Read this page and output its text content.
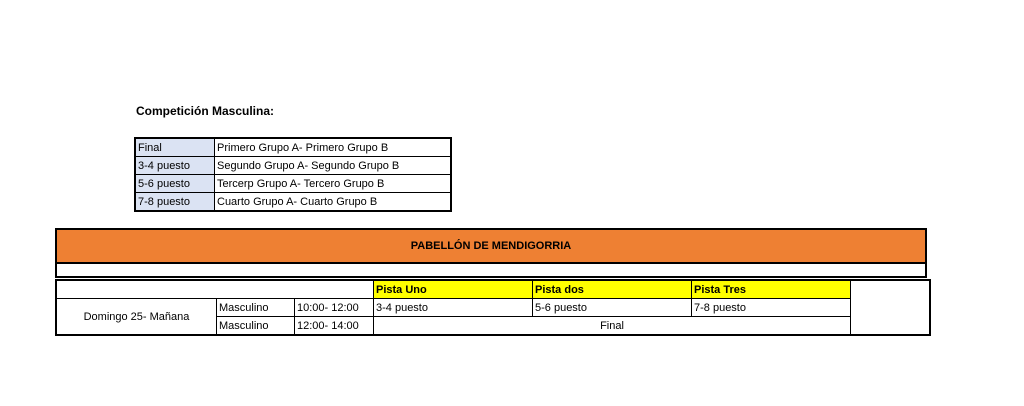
Competición Masculina:
Final	Primero Grupo A- Primero Grupo B
3-4 puesto	Segundo Grupo A- Segundo Grupo B
5-6 puesto	Tercerp Grupo A- Tercero Grupo B
7-8 puesto	Cuarto Grupo A- Cuarto Grupo B
PABELLÓN DE MENDIGORRIA
			Pista Uno	Pista dos	Pista Tres	
Domingo 25- Mañana	Masculino	10:00- 12:00	3-4 puesto	5-6 puesto	7-8 puesto	
	Masculino	12:00- 14:00	Final			
